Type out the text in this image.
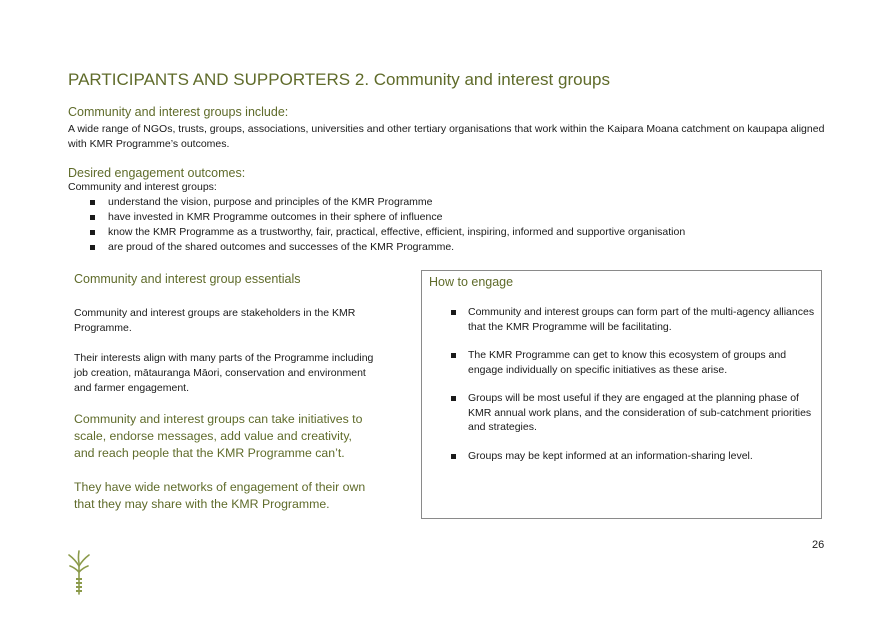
PARTICIPANTS AND SUPPORTERS 2. Community and interest groups
Community and interest groups include:

A wide range of NGOs, trusts, groups, associations, universities and other tertiary organisations that work within the Kaipara Moana catchment on kaupapa aligned with KMR Programme’s outcomes.

Desired engagement outcomes:

Community and interest groups:

understand the vision, purpose and principles of the KMR Programme
have invested in KMR Programme outcomes in their sphere of influence
know the KMR Programme as a trustworthy, fair, practical, effective, efficient, inspiring, informed and supportive organisation
are proud of the shared outcomes and successes of the KMR Programme.
Community and interest group essentials

Community and interest groups are stakeholders in the KMR Programme.

Their interests align with many parts of the Programme including job creation, mātauranga Māori, conservation and environment and farmer engagement.

Community and interest groups can take initiatives to scale, endorse messages, add value and creativity, and reach people that the KMR Programme can’t.

They have wide networks of engagement of their own that they may share with the KMR Programme.

How to engage
Community and interest groups can form part of the multi-agency alliances that the KMR Programme will be facilitating.
The KMR Programme can get to know this ecosystem of groups and engage individually on specific initiatives as these arise.
Groups will be most useful if they are engaged at the planning phase of KMR annual work plans, and the consideration of sub-catchment priorities and strategies.
Groups may be kept informed at an information-sharing level.
26
